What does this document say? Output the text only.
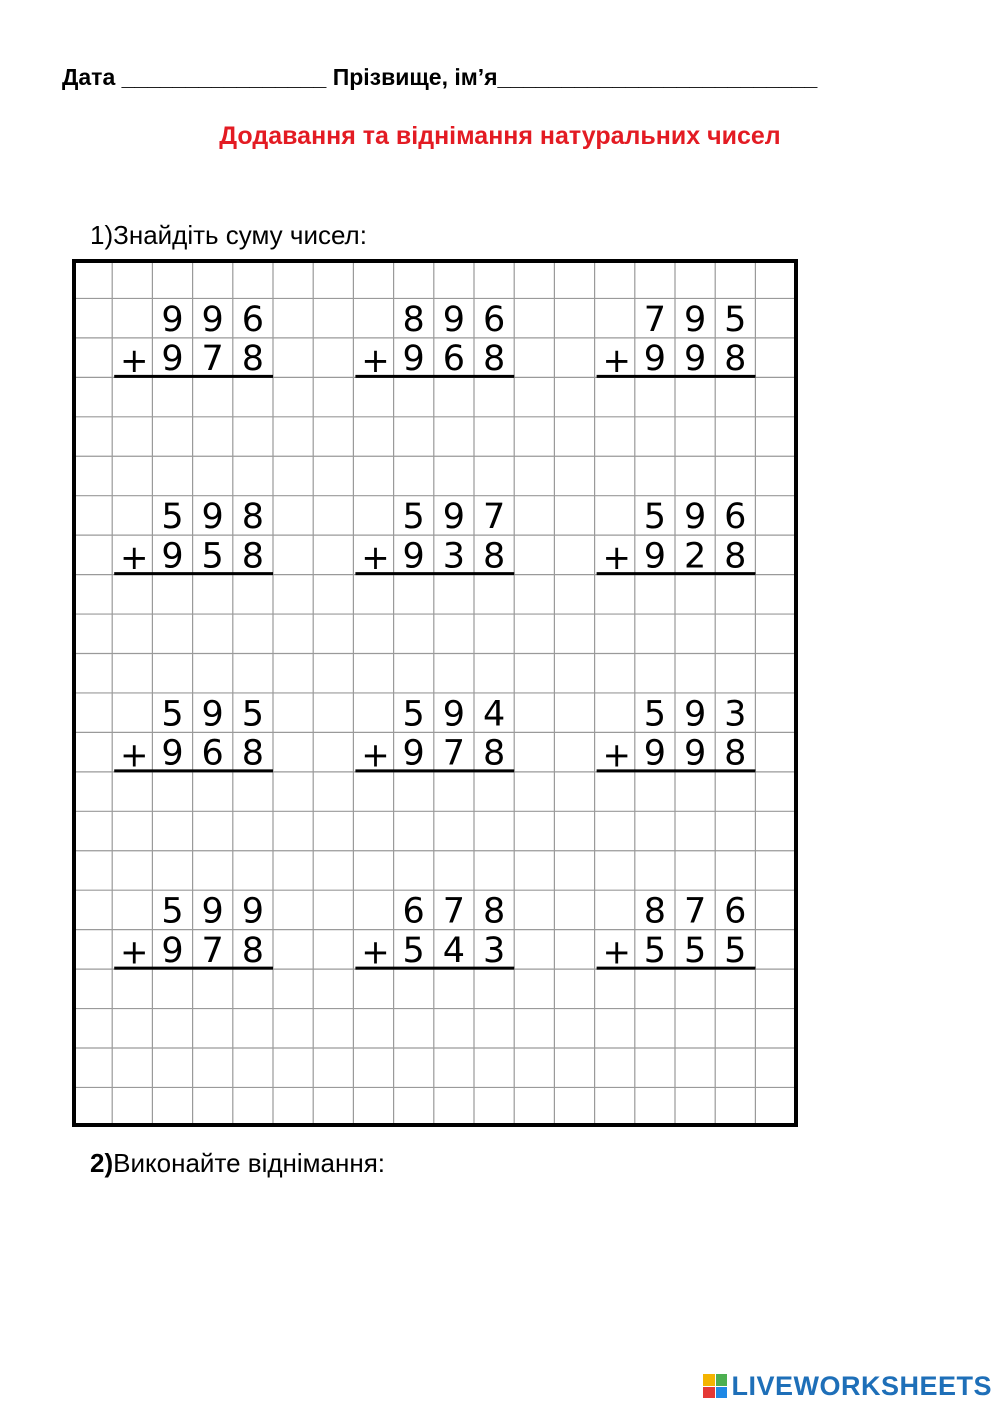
Дата ________________ Прізвище, ім’я_________________________
Додавання та віднімання натуральних чисел
1)Знайдіть суму чисел:
9 9 6
+ 9 7 8
8 9 6
+ 9 6 8
7 9 5
+ 9 9 8
5 9 8
+ 9 5 8
5 9 7
+ 9 3 8
5 9 6
+ 9 2 8
5 9 5
+ 9 6 8
5 9 4
+ 9 7 8
5 9 3
+ 9 9 8
5 9 9
+ 9 7 8
6 7 8
+ 5 4 3
8 7 6
+ 5 5 5
2)Виконайте віднімання:
LIVEWORKSHEETS
